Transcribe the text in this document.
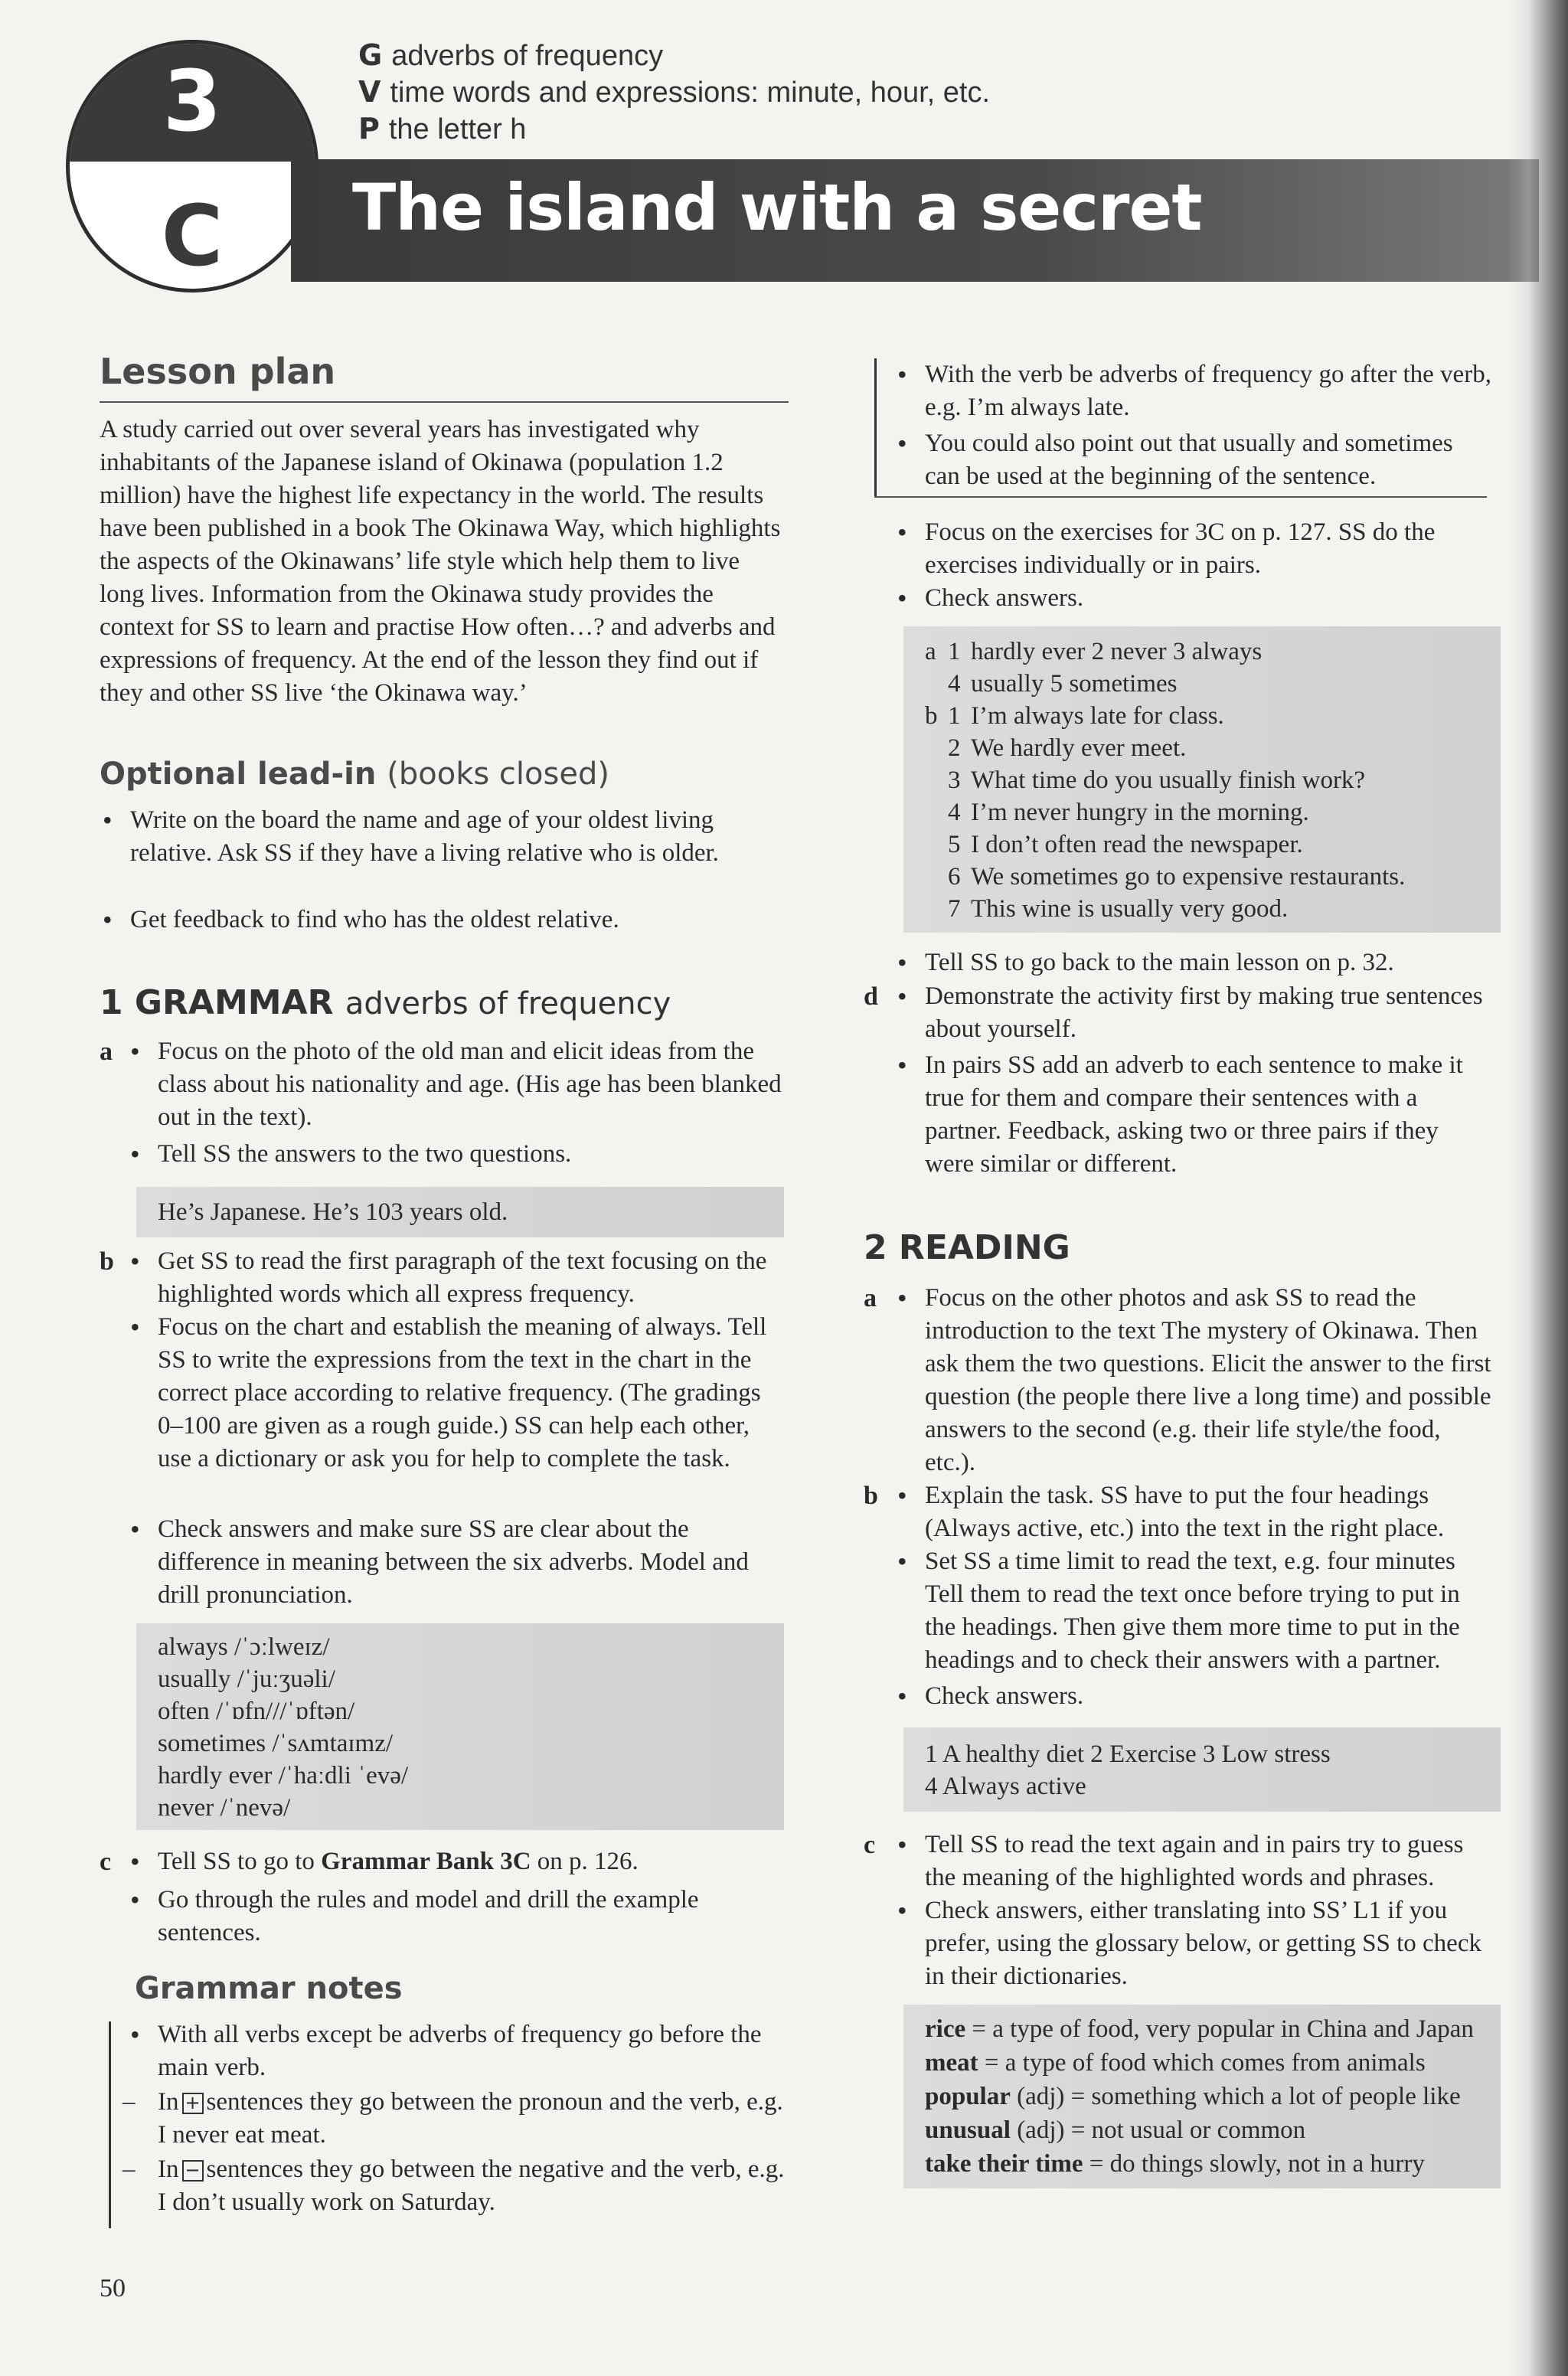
3
C	The island with a secret
G adverbs of frequency
V time words and expressions: minute, hour, etc.
P the letter h
Lesson plan
A study carried out over several years has investigated why inhabitants of the Japanese island of Okinawa (population 1.2 million) have the highest life expectancy in the world. The results have been published in a book The Okinawa Way, which highlights the aspects of the Okinawans’ life style which help them to live long lives. Information from the Okinawa study provides the context for SS to learn and practise How often…? and adverbs and expressions of frequency. At the end of the lesson they find out if they and other SS live ‘the Okinawa way.’
Optional lead-in (books closed)
• Write on the board the name and age of your oldest living relative. Ask SS if they have a living relative who is older.
• Get feedback to find who has the oldest relative.
1 GRAMMAR adverbs of frequency
a • Focus on the photo of the old man and elicit ideas from the class about his nationality and age. (His age has been blanked out in the text).
• Tell SS the answers to the two questions.
He’s Japanese. He’s 103 years old.
b • Get SS to read the first paragraph of the text focusing on the highlighted words which all express frequency.
• Focus on the chart and establish the meaning of always. Tell SS to write the expressions from the text in the chart in the correct place according to relative frequency. (The gradings 0–100 are given as a rough guide.) SS can help each other, use a dictionary or ask you for help to complete the task.
• Check answers and make sure SS are clear about the difference in meaning between the six adverbs. Model and drill pronunciation.
always /ˈɔːlweɪz/
usually /ˈjuːʒuəli/
often /ˈɒfn///ˈɒftən/
sometimes /ˈsʌmtaɪmz/
hardly ever /ˈhaːdli ˈevə/
never /ˈnevə/
c • Tell SS to go to Grammar Bank 3C on p. 126.
• Go through the rules and model and drill the example sentences.
Grammar notes
• With all verbs except be adverbs of frequency go before the main verb.
– In + sentences they go between the pronoun and the verb, e.g. I never eat meat.
– In − sentences they go between the negative and the verb, e.g. I don’t usually work on Saturday.
50
• With the verb be adverbs of frequency go after the verb, e.g. I’m always late.
• You could also point out that usually and sometimes can be used at the beginning of the sentence.
• Focus on the exercises for 3C on p. 127. SS do the exercises individually or in pairs.
• Check answers.
a 1 hardly ever 2 never 3 always
4 usually 5 sometimes
b 1 I’m always late for class.
2 We hardly ever meet.
3 What time do you usually finish work?
4 I’m never hungry in the morning.
5 I don’t often read the newspaper.
6 We sometimes go to expensive restaurants.
7 This wine is usually very good.
• Tell SS to go back to the main lesson on p. 32.
d • Demonstrate the activity first by making true sentences about yourself.
• In pairs SS add an adverb to each sentence to make it true for them and compare their sentences with a partner. Feedback, asking two or three pairs if they were similar or different.
2 READING
a • Focus on the other photos and ask SS to read the introduction to the text The mystery of Okinawa. Then ask them the two questions. Elicit the answer to the first question (the people there live a long time) and possible answers to the second (e.g. their life style/the food, etc.).
b • Explain the task. SS have to put the four headings (Always active, etc.) into the text in the right place.
• Set SS a time limit to read the text, e.g. four minutes Tell them to read the text once before trying to put in the headings. Then give them more time to put in the headings and to check their answers with a partner.
• Check answers.
1 A healthy diet 2 Exercise 3 Low stress
4 Always active
c • Tell SS to read the text again and in pairs try to guess the meaning of the highlighted words and phrases.
• Check answers, either translating into SS’ L1 if you prefer, using the glossary below, or getting SS to check in their dictionaries.
rice = a type of food, very popular in China and Japan
meat = a type of food which comes from animals
popular (adj) = something which a lot of people like
unusual (adj) = not usual or common
take their time = do things slowly, not in a hurry
